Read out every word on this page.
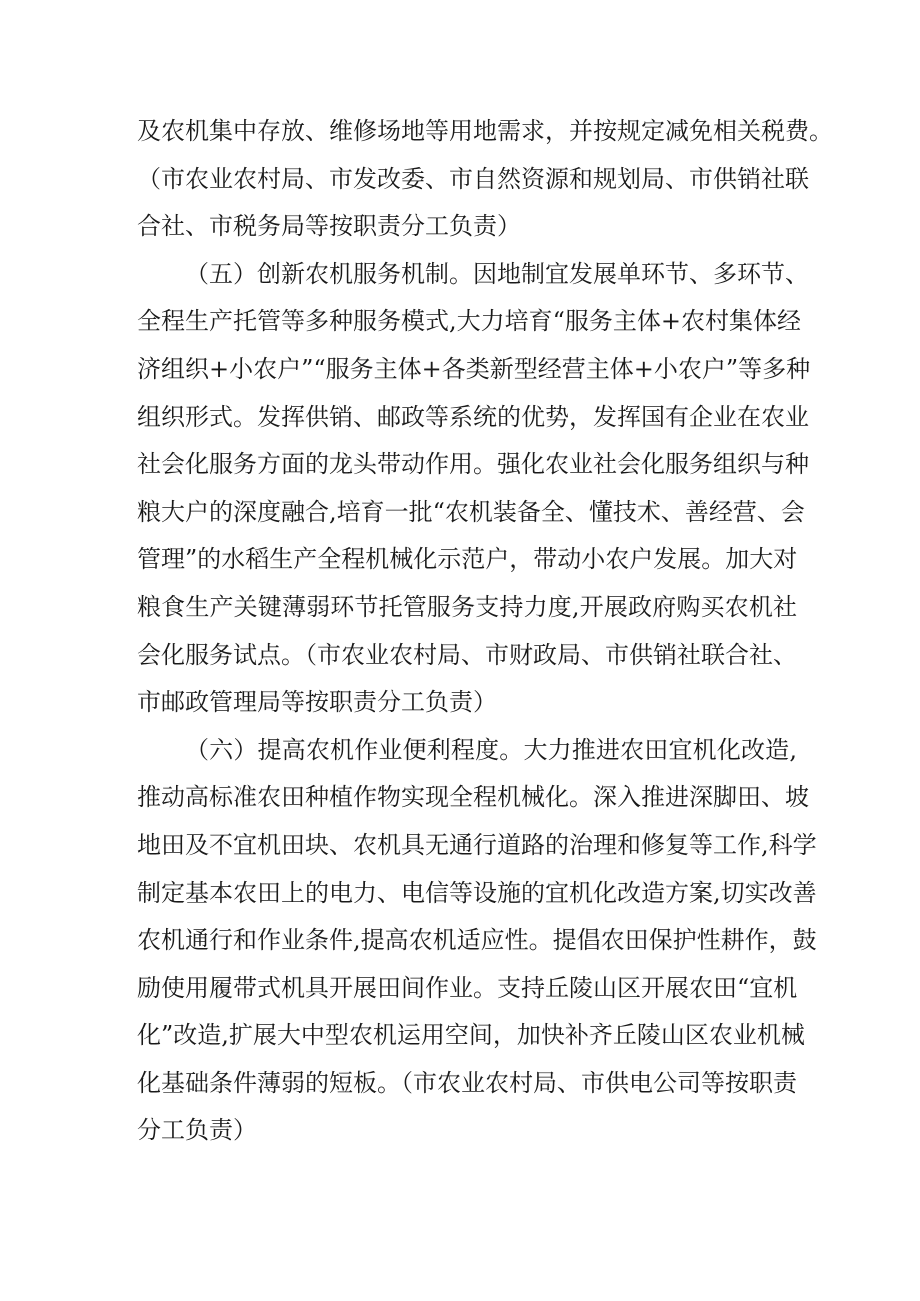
及农机集中存放、维修场地等用地需求，并按规定减免相关税费。
（市农业农村局、市发改委、市自然资源和规划局、市供销社联
合社、市税务局等按职责分工负责）
（五）创新农机服务机制。因地制宜发展单环节、多环节、
全程生产托管等多种服务模式,大力培育“服务主体+农村集体经
济组织+小农户”“服务主体+各类新型经营主体+小农户”等多种
组织形式。发挥供销、邮政等系统的优势，发挥国有企业在农业
社会化服务方面的龙头带动作用。强化农业社会化服务组织与种
粮大户的深度融合,培育一批“农机装备全、懂技术、善经营、会
管理”的水稻生产全程机械化示范户，带动小农户发展。加大对
粮食生产关键薄弱环节托管服务支持力度,开展政府购买农机社
会化服务试点。（市农业农村局、市财政局、市供销社联合社、
市邮政管理局等按职责分工负责）
（六）提高农机作业便利程度。大力推进农田宜机化改造,
推动高标准农田种植作物实现全程机械化。深入推进深脚田、坡
地田及不宜机田块、农机具无通行道路的治理和修复等工作,科学
制定基本农田上的电力、电信等设施的宜机化改造方案,切实改善
农机通行和作业条件,提高农机适应性。提倡农田保护性耕作，鼓
励使用履带式机具开展田间作业。支持丘陵山区开展农田“宜机
化”改造,扩展大中型农机运用空间，加快补齐丘陵山区农业机械
化基础条件薄弱的短板。（市农业农村局、市供电公司等按职责
分工负责）
